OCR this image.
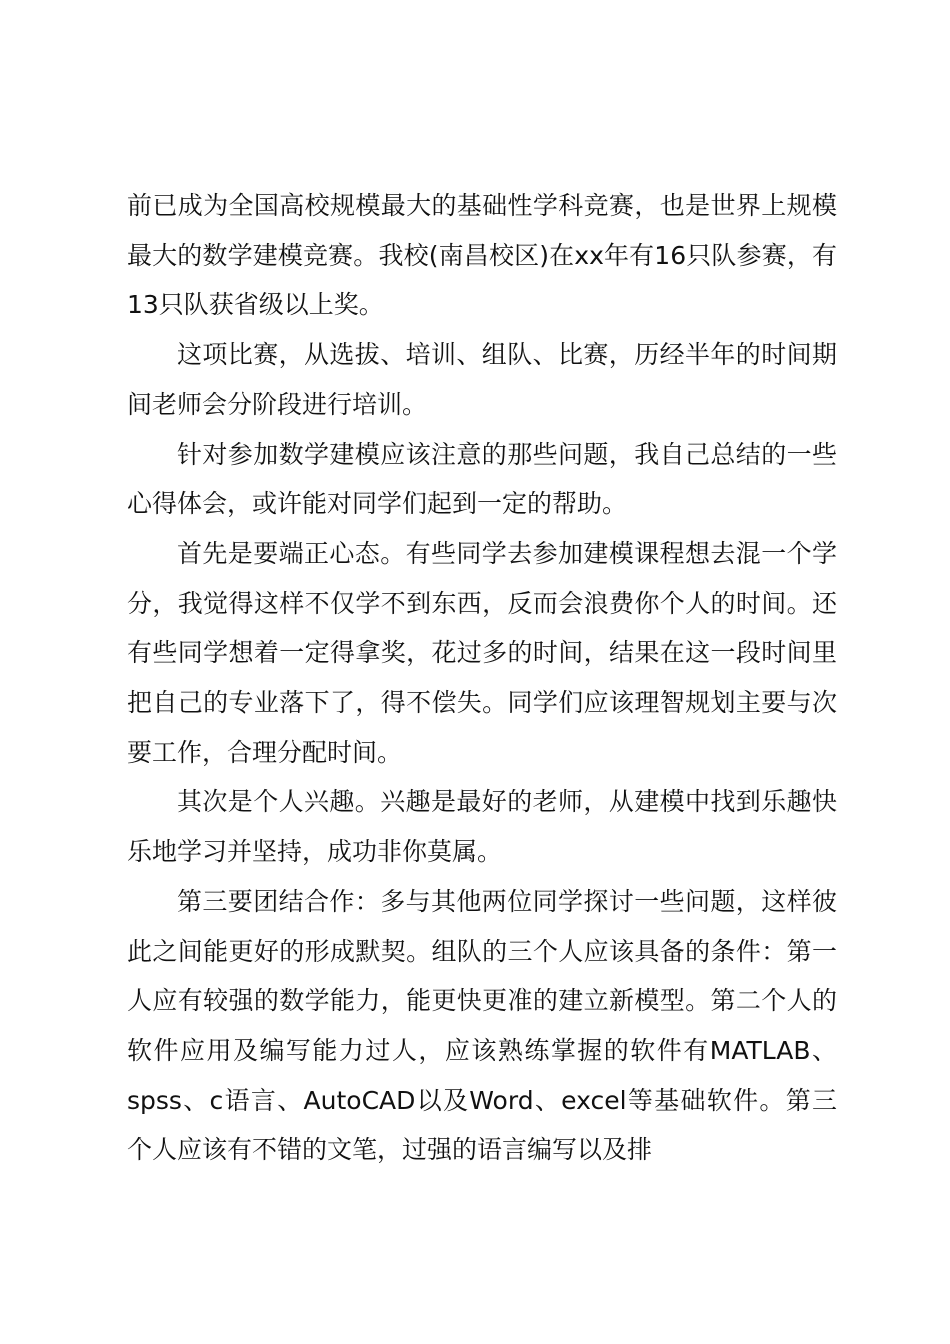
前已成为全国高校规模最大的基础性学科竞赛，也是世界上规模最大的数学建模竞赛。我校(南昌校区)在xx年有16只队参赛，有13只队获省级以上奖。

这项比赛，从选拔、培训、组队、比赛，历经半年的时间期间老师会分阶段进行培训。

针对参加数学建模应该注意的那些问题，我自己总结的一些心得体会，或许能对同学们起到一定的帮助。

首先是要端正心态。有些同学去参加建模课程想去混一个学分，我觉得这样不仅学不到东西，反而会浪费你个人的时间。还有些同学想着一定得拿奖，花过多的时间，结果在这一段时间里把自己的专业落下了，得不偿失。同学们应该理智规划主要与次要工作，合理分配时间。

其次是个人兴趣。兴趣是最好的老师，从建模中找到乐趣快乐地学习并坚持，成功非你莫属。

第三要团结合作：多与其他两位同学探讨一些问题，这样彼此之间能更好的形成默契。组队的三个人应该具备的条件：第一人应有较强的数学能力，能更快更准的建立新模型。第二个人的软件应用及编写能力过人，应该熟练掌握的软件有MATLAB、spss、c语言、AutoCAD以及Word、excel等基础软件。第三个人应该有不错的文笔，过强的语言编写以及排
